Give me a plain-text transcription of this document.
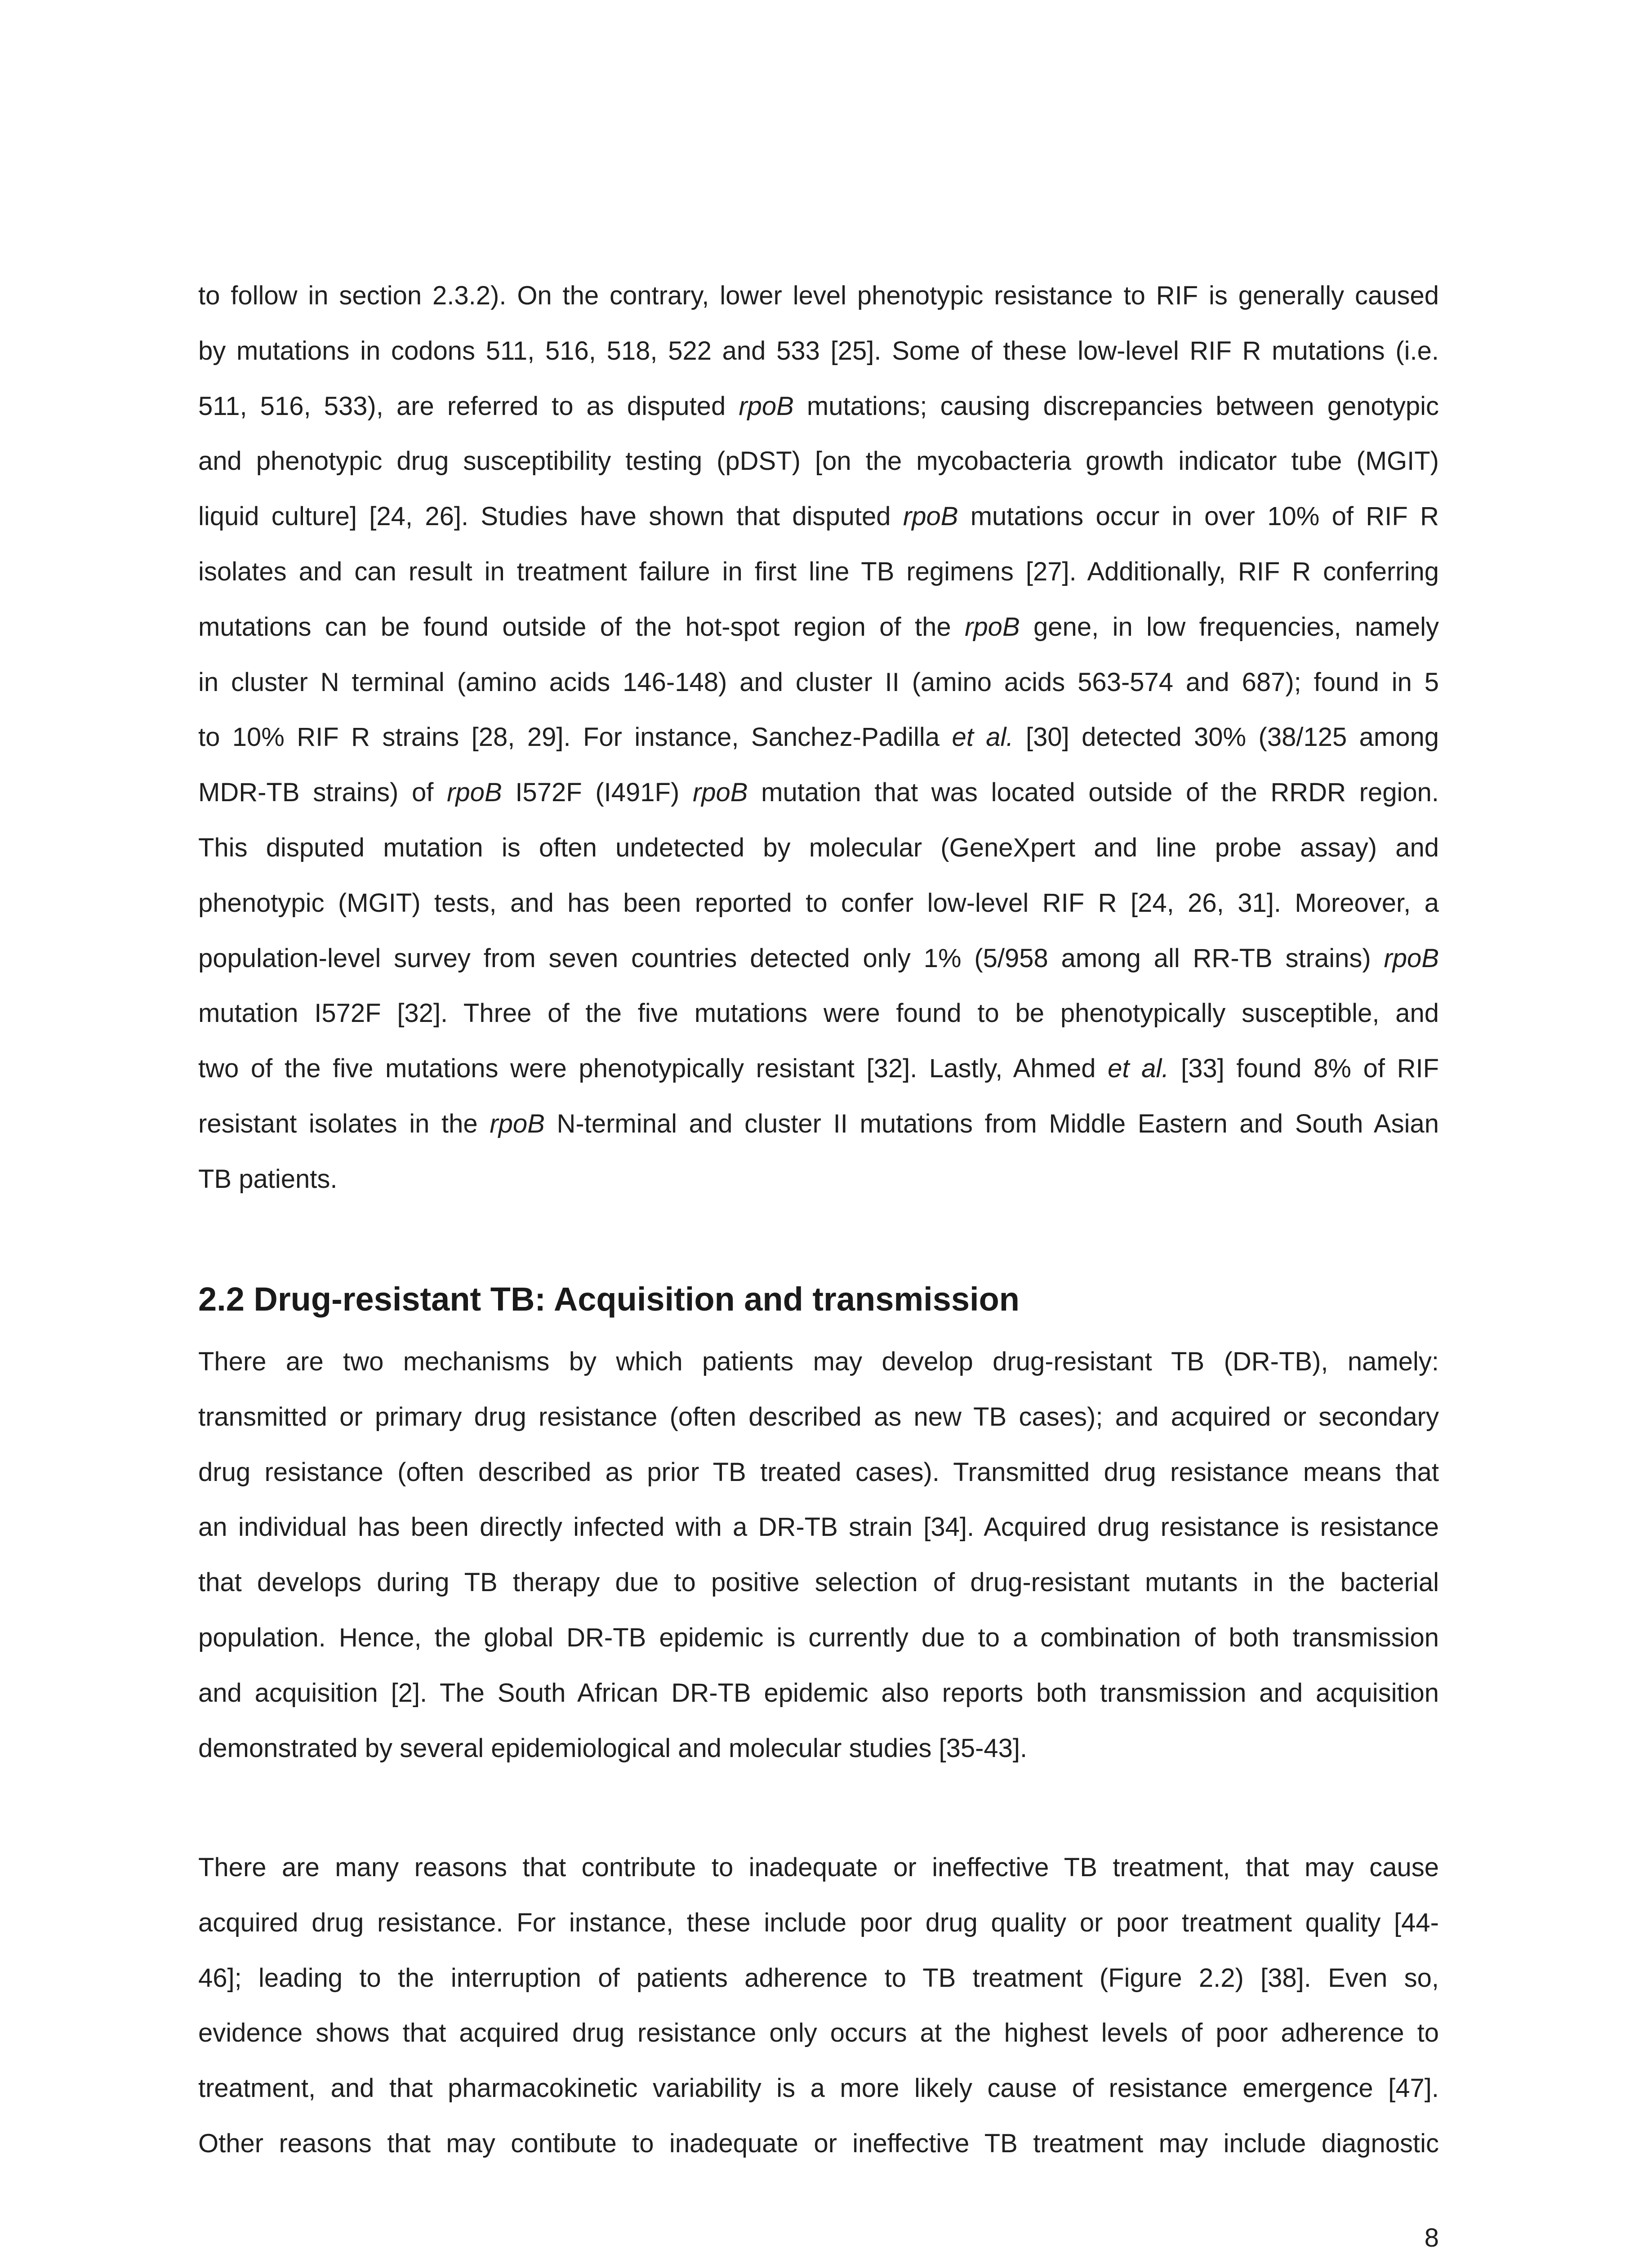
to follow in section 2.3.2). On the contrary, lower level phenotypic resistance to RIF is generally caused
by mutations in codons 511, 516, 518, 522 and 533 [25]. Some of these low-level RIF R mutations (i.e.
511, 516, 533), are referred to as disputed rpoB mutations; causing discrepancies between genotypic
and phenotypic drug susceptibility testing (pDST) [on the mycobacteria growth indicator tube (MGIT)
liquid culture] [24, 26]. Studies have shown that disputed rpoB mutations occur in over 10% of RIF R
isolates and can result in treatment failure in first line TB regimens [27]. Additionally, RIF R conferring
mutations can be found outside of the hot-spot region of the rpoB gene, in low frequencies, namely
in cluster N terminal (amino acids 146-148) and cluster II (amino acids 563-574 and 687); found in 5
to 10% RIF R strains [28, 29]. For instance, Sanchez-Padilla et al. [30] detected 30% (38/125 among
MDR-TB strains) of rpoB I572F (I491F) rpoB mutation that was located outside of the RRDR region.
This disputed mutation is often undetected by molecular (GeneXpert and line probe assay) and
phenotypic (MGIT) tests, and has been reported to confer low-level RIF R [24, 26, 31]. Moreover, a
population-level survey from seven countries detected only 1% (5/958 among all RR-TB strains) rpoB
mutation I572F [32]. Three of the five mutations were found to be phenotypically susceptible, and
two of the five mutations were phenotypically resistant [32]. Lastly, Ahmed et al. [33] found 8% of RIF
resistant isolates in the rpoB N-terminal and cluster II mutations from Middle Eastern and South Asian
TB patients.
2.2 Drug-resistant TB: Acquisition and transmission
There are two mechanisms by which patients may develop drug-resistant TB (DR-TB), namely:
transmitted or primary drug resistance (often described as new TB cases); and acquired or secondary
drug resistance (often described as prior TB treated cases). Transmitted drug resistance means that
an individual has been directly infected with a DR-TB strain [34]. Acquired drug resistance is resistance
that develops during TB therapy due to positive selection of drug-resistant mutants in the bacterial
population. Hence, the global DR-TB epidemic is currently due to a combination of both transmission
and acquisition [2]. The South African DR-TB epidemic also reports both transmission and acquisition
demonstrated by several epidemiological and molecular studies [35-43].
There are many reasons that contribute to inadequate or ineffective TB treatment, that may cause
acquired drug resistance. For instance, these include poor drug quality or poor treatment quality [44-
46]; leading to the interruption of patients adherence to TB treatment (Figure 2.2) [38]. Even so,
evidence shows that acquired drug resistance only occurs at the highest levels of poor adherence to
treatment, and that pharmacokinetic variability is a more likely cause of resistance emergence [47].
Other reasons that may contibute to inadequate or ineffective TB treatment may include diagnostic
8
